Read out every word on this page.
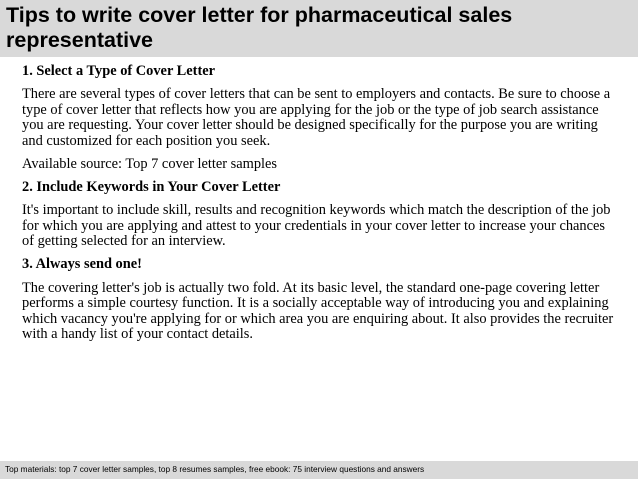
Tips to write cover letter for pharmaceutical sales representative

1. Select a Type of Cover Letter

There are several types of cover letters that can be sent to employers and contacts. Be sure to choose a type of cover letter that reflects how you are applying for the job or the type of job search assistance you are requesting. Your cover letter should be designed specifically for the purpose you are writing and customized for each position you seek.

Available source: Top 7 cover letter samples

2. Include Keywords in Your Cover Letter

It's important to include skill, results and recognition keywords which match the description of the job for which you are applying and attest to your credentials in your cover letter to increase your chances of getting selected for an interview.

3. Always send one!

The covering letter's job is actually two fold. At its basic level, the standard one-page covering letter performs a simple courtesy function. It is a socially acceptable way of introducing you and explaining which vacancy you're applying for or which area you are enquiring about. It also provides the recruiter with a handy list of your contact details.

Top materials: top 7 cover letter samples, top 8 resumes samples, free ebook: 75 interview questions and answers
